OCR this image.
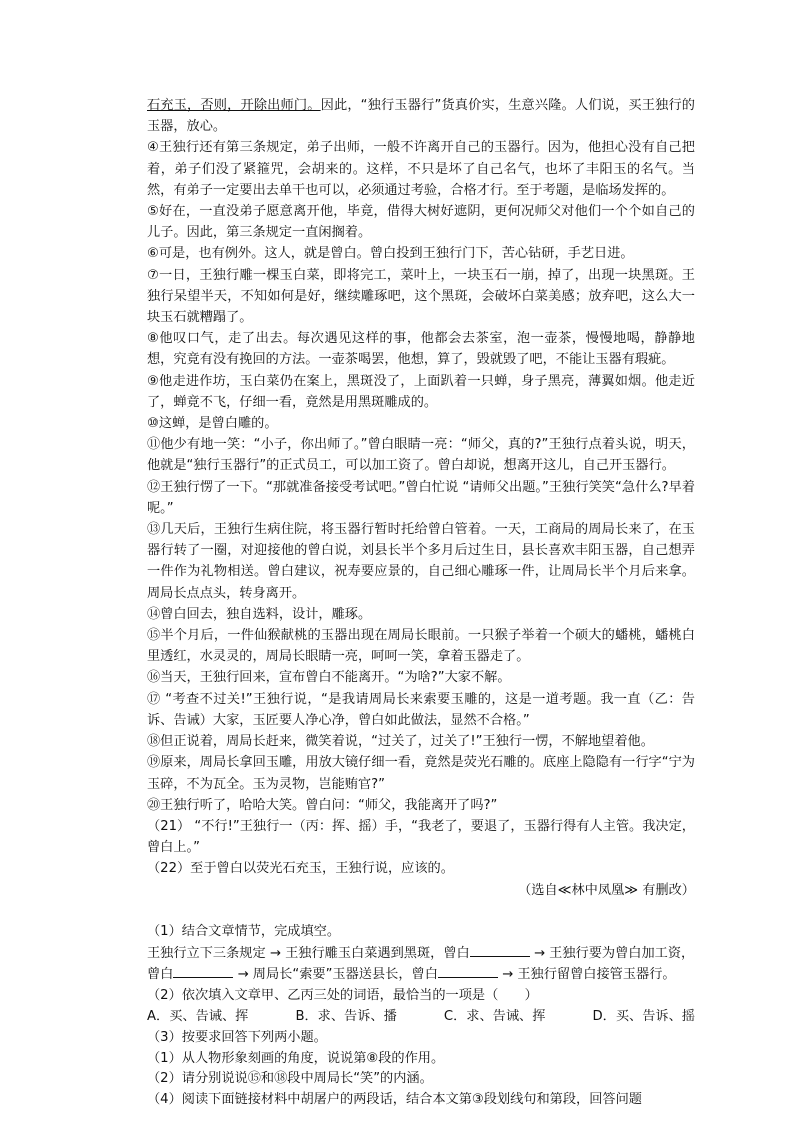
石充玉，否则，开除出师门。因此，“独行玉器行”货真价实，生意兴隆。人们说，买王独行的玉器，放心。

④王独行还有第三条规定，弟子出师，一般不许离开自己的玉器行。因为，他担心没有自己把着，弟子们没了紧箍咒，会胡来的。这样，不只是坏了自己名气，也坏了丰阳玉的名气。当然，有弟子一定要出去单干也可以，必须通过考验，合格才行。至于考题，是临场发挥的。

⑤好在，一直没弟子愿意离开他，毕竟，借得大树好遮阴，更何况师父对他们一个个如自己的儿子。因此，第三条规定一直闲搁着。

⑥可是，也有例外。这人，就是曾白。曾白投到王独行门下，苦心钻研，手艺日进。

⑦一日，王独行雕一棵玉白菜，即将完工，菜叶上，一块玉石一崩，掉了，出现一块黑斑。王独行呆望半天，不知如何是好，继续雕琢吧，这个黑斑，会破坏白菜美感；放弃吧，这么大一块玉石就糟蹋了。

⑧他叹口气，走了出去。每次遇见这样的事，他都会去茶室，泡一壶茶，慢慢地喝，静静地想，究竟有没有挽回的方法。一壶茶喝罢，他想，算了，毁就毁了吧，不能让玉器有瑕疵。

⑨他走进作坊，玉白菜仍在案上，黑斑没了，上面趴着一只蝉，身子黑亮，薄翼如烟。他走近了，蝉竟不飞，仔细一看，竟然是用黑斑雕成的。

⑩这蝉，是曾白雕的。

⑪他少有地一笑：“小子，你出师了。”曾白眼睛一亮：“师父，真的?”王独行点着头说，明天，他就是“独行玉器行”的正式员工，可以加工资了。曾白却说，想离开这儿，自己开玉器行。

⑫王独行愣了一下。“那就准备接受考试吧。”曾白忙说 “请师父出题。”王独行笑笑“急什么?早着呢。”

⑬几天后，王独行生病住院，将玉器行暂时托给曾白管着。一天，工商局的周局长来了，在玉器行转了一圈，对迎接他的曾白说，刘县长半个多月后过生日，县长喜欢丰阳玉器，自己想弄一件作为礼物相送。曾白建议，祝寿要应景的，自己细心雕琢一件，让周局长半个月后来拿。周局长点点头，转身离开。

⑭曾白回去，独自选料，设计，雕琢。

⑮半个月后，一件仙猴献桃的玉器出现在周局长眼前。一只猴子举着一个硕大的蟠桃，蟠桃白里透红，水灵灵的，周局长眼睛一亮，呵呵一笑，拿着玉器走了。

⑯当天，王独行回来，宣布曾白不能离开。“为啥?”大家不解。

⑰ “考查不过关!”王独行说，“是我请周局长来索要玉雕的，这是一道考题。我一直（乙：告诉、告诫）大家，玉匠要人净心净，曾白如此做法，显然不合格。”

⑱但正说着，周局长赶来，微笑着说，“过关了，过关了!”王独行一愣，不解地望着他。

⑲原来，周局长拿回玉雕，用放大镜仔细一看，竟然是荧光石雕的。底座上隐隐有一行字“宁为玉碎，不为瓦全。玉为灵物，岂能贿官?”

⑳王独行听了，哈哈大笑。曾白问：“师父，我能离开了吗?”

（21） “不行!”王独行一（丙：挥、摇）手，“我老了，要退了，玉器行得有人主管。我决定，曾白上。”

（22）至于曾白以荧光石充玉，王独行说，应该的。

（选自≪林中凤凰≫ 有删改）

（1）结合文章情节，完成填空。

王独行立下三条规定 → 王独行雕玉白菜遇到黑斑，曾白	→ 王独行要为曾白加工资，曾白	→ 周局长“索要”玉器送县长，曾白	→ 王独行留曾白接管玉器行。

（2）依次填入文章甲、乙丙三处的词语，最恰当的一项是（　　）

A．买、告诫、挥	B．求、告诉、播	C．求、告诫、挥	D．买、告诉、摇

（3）按要求回答下列两小题。

（1）从人物形象刻画的角度，说说第⑧段的作用。

（2）请分别说说⑮和⑱段中周局长“笑”的内涵。

（4）阅读下面链接材料中胡屠户的两段话，结合本文第③段划线句和第段，回答问题
